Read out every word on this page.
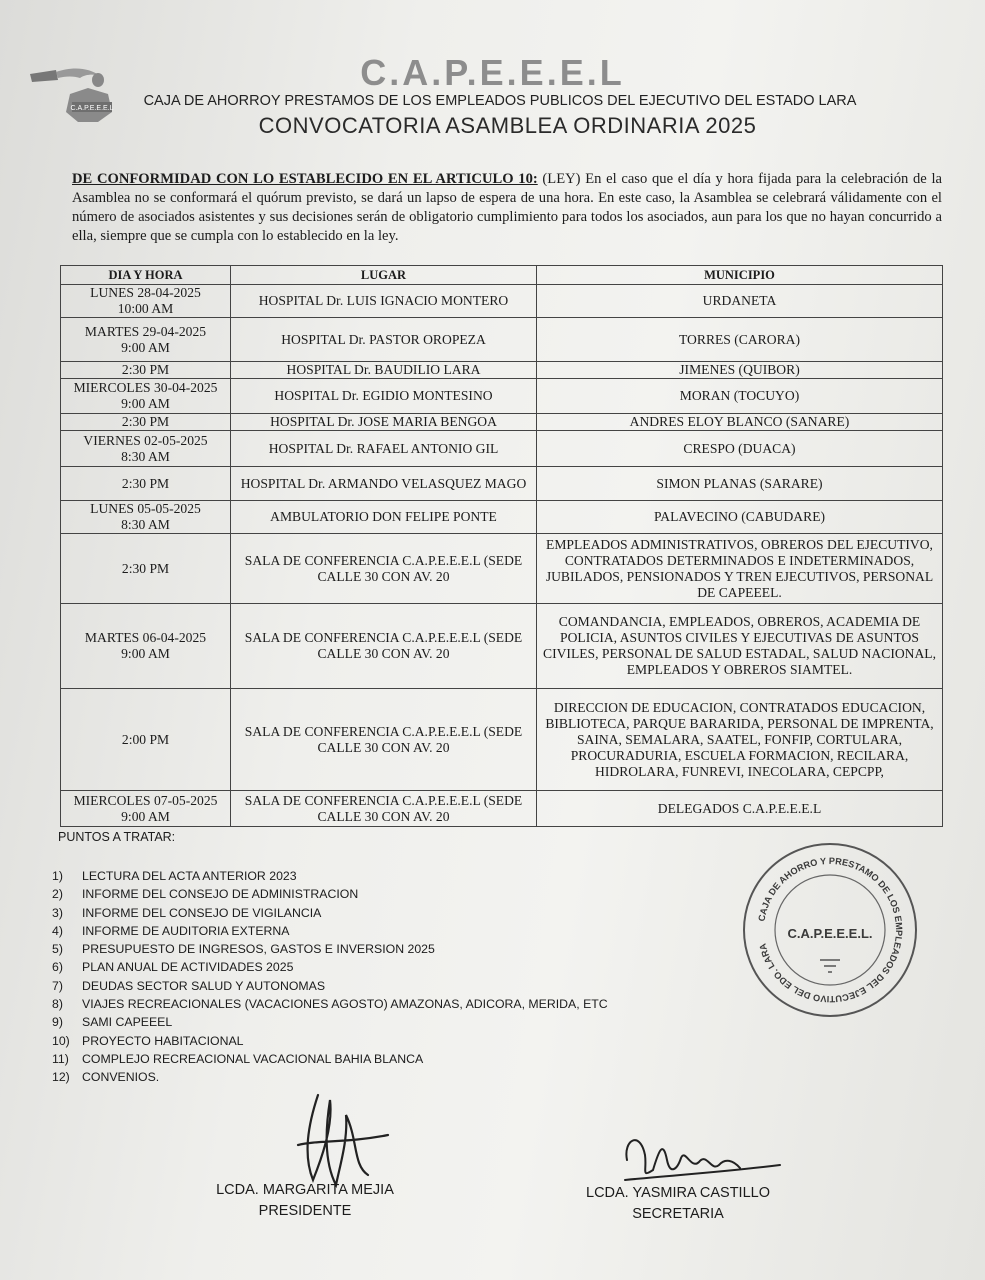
C.A.P.E.E.E.L
C.A.P.E.E.E.L
CAJA DE AHORROY PRESTAMOS DE LOS EMPLEADOS PUBLICOS DEL EJECUTIVO DEL ESTADO LARA
CONVOCATORIA ASAMBLEA ORDINARIA 2025
DE CONFORMIDAD CON LO ESTABLECIDO EN EL ARTICULO 10: (LEY) En el caso que el día y hora fijada para la celebración de la Asamblea no se conformará el quórum previsto, se dará un lapso de espera de una hora. En este caso, la Asamblea se celebrará válidamente con el número de asociados asistentes y sus decisiones serán de obligatorio cumplimiento para todos los asociados, aun para los que no hayan concurrido a ella, siempre que se cumpla con lo establecido en la ley.
DIA Y HORA	LUGAR	MUNICIPIO

LUNES 28-04-2025
10:00 AM	HOSPITAL Dr. LUIS IGNACIO MONTERO	URDANETA

MARTES 29-04-2025
9:00 AM	HOSPITAL Dr. PASTOR OROPEZA	TORRES (CARORA)

2:30 PM	HOSPITAL Dr. BAUDILIO LARA	JIMENES (QUIBOR)

MIERCOLES 30-04-2025
9:00 AM	HOSPITAL Dr. EGIDIO MONTESINO	MORAN (TOCUYO)

2:30 PM	HOSPITAL Dr. JOSE MARIA BENGOA	ANDRES ELOY BLANCO (SANARE)

VIERNES 02-05-2025
8:30 AM	HOSPITAL Dr. RAFAEL ANTONIO GIL	CRESPO (DUACA)

2:30 PM	HOSPITAL Dr. ARMANDO VELASQUEZ MAGO	SIMON PLANAS (SARARE)

LUNES 05-05-2025
8:30 AM	AMBULATORIO DON FELIPE PONTE	PALAVECINO (CABUDARE)

2:30 PM	SALA DE CONFERENCIA C.A.P.E.E.E.L (SEDE CALLE 30 CON AV. 20	EMPLEADOS ADMINISTRATIVOS, OBREROS DEL EJECUTIVO, CONTRATADOS DETERMINADOS E INDETERMINADOS, JUBILADOS, PENSIONADOS Y TREN EJECUTIVOS, PERSONAL DE CAPEEEL.

MARTES 06-04-2025
9:00 AM	SALA DE CONFERENCIA C.A.P.E.E.E.L (SEDE CALLE 30 CON AV. 20	COMANDANCIA, EMPLEADOS, OBREROS, ACADEMIA DE POLICIA, ASUNTOS CIVILES Y EJECUTIVAS DE ASUNTOS CIVILES, PERSONAL DE SALUD ESTADAL, SALUD NACIONAL, EMPLEADOS Y OBREROS SIAMTEL.

2:00 PM	SALA DE CONFERENCIA C.A.P.E.E.E.L (SEDE CALLE 30 CON AV. 20	DIRECCION DE EDUCACION, CONTRATADOS EDUCACION, BIBLIOTECA, PARQUE BARARIDA, PERSONAL DE IMPRENTA, SAINA, SEMALARA, SAATEL, FONFIP, CORTULARA, PROCURADURIA, ESCUELA FORMACION, RECILARA, HIDROLARA, FUNREVI, INECOLARA, CEPCPP,

MIERCOLES 07-05-2025
9:00 AM	SALA DE CONFERENCIA C.A.P.E.E.E.L (SEDE CALLE 30 CON AV. 20	DELEGADOS C.A.P.E.E.E.L
PUNTOS A TRATAR:
1)	LECTURA DEL ACTA ANTERIOR 2023
2)	INFORME DEL CONSEJO DE ADMINISTRACION
3)	INFORME DEL CONSEJO DE VIGILANCIA
4)	INFORME DE AUDITORIA EXTERNA
5)	PRESUPUESTO DE INGRESOS, GASTOS E INVERSION 2025
6)	PLAN ANUAL DE ACTIVIDADES 2025
7)	DEUDAS SECTOR SALUD Y AUTONOMAS
8)	VIAJES RECREACIONALES (VACACIONES AGOSTO) AMAZONAS, ADICORA, MERIDA, ETC
9)	SAMI CAPEEEL
10) PROYECTO HABITACIONAL
11)	COMPLEJO RECREACIONAL VACACIONAL BAHIA BLANCA
12) CONVENIOS.
CAJA DE AHORRO Y PRESTAMO DE LOS EMPLEADOS DEL EJECUTIVO DEL EDO. LARA
C.A.P.E.E.E.L.
LCDA. MARGARITA MEJIA
PRESIDENTE
LCDA. YASMIRA CASTILLO
SECRETARIA
